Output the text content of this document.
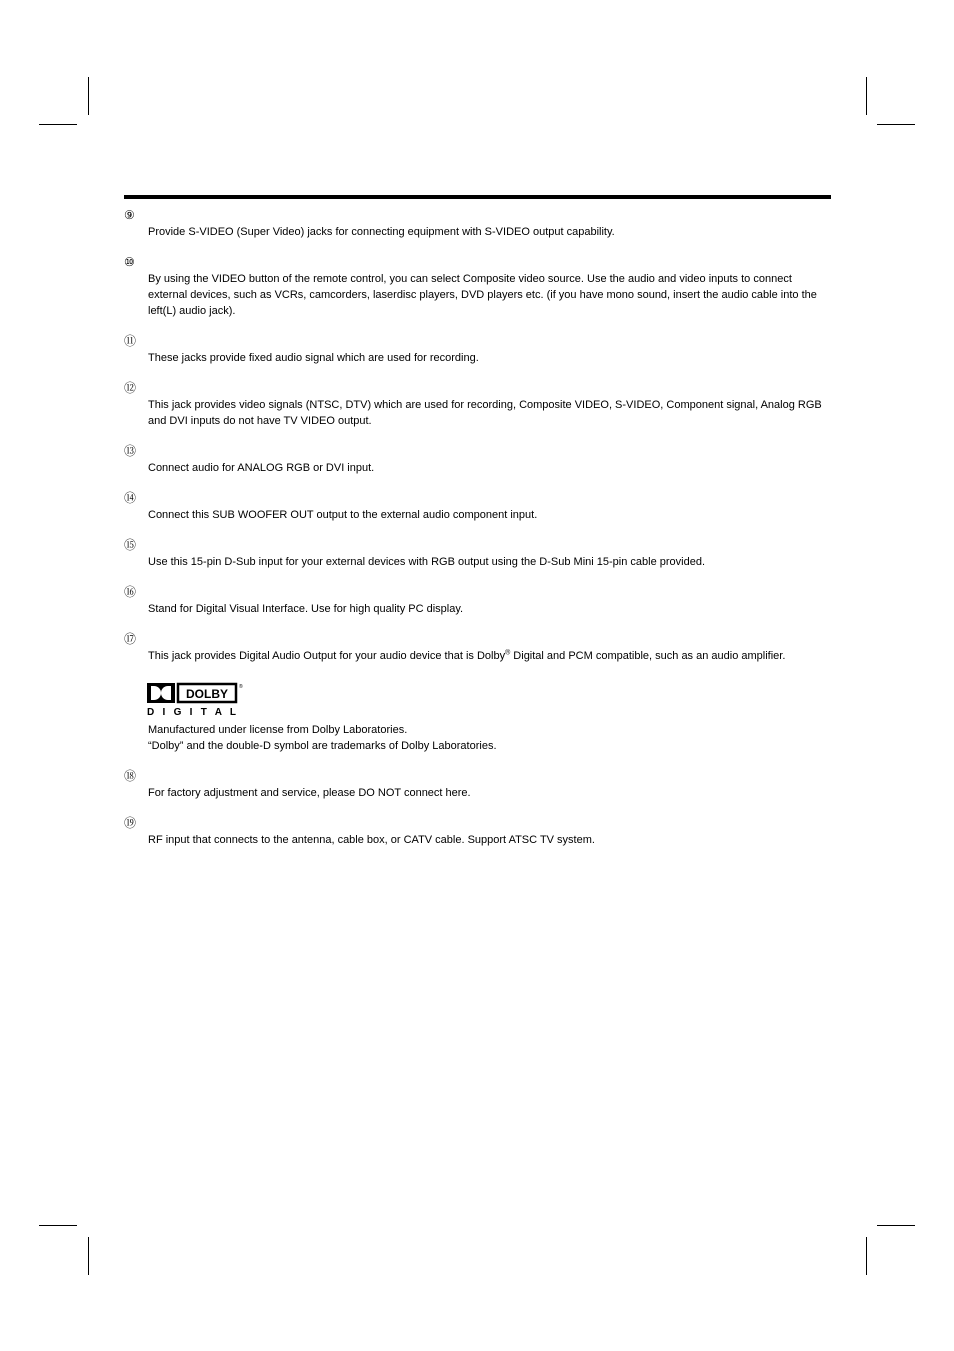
⑨

Provide S-VIDEO (Super Video) jacks for connecting equipment with S-VIDEO output capability.

⑩

By using the VIDEO button of the remote control, you can select Composite video source. Use the audio and video inputs to connect external devices, such as VCRs, camcorders, laserdisc players, DVD players etc. (if you have mono sound, insert the audio cable into the left(L) audio jack).

⑪

These jacks provide fixed audio signal which are used for recording.

⑫

This jack provides video signals (NTSC, DTV) which are used for recording, Composite VIDEO, S-VIDEO, Component signal, Analog RGB and DVI inputs do not have TV VIDEO output.

⑬

Connect audio for ANALOG RGB or DVI input.

⑭

Connect this SUB WOOFER OUT output to the external audio component input.

⑮

Use this 15-pin D-Sub input for your external devices with RGB output using the D-Sub Mini 15-pin cable provided.

⑯

Stand for Digital Visual Interface. Use for high quality PC display.

⑰

This jack provides Digital Audio Output for your audio device that is Dolby® Digital and PCM compatible, such as an audio amplifier.

DOLBY ®
D I G I T A L

Manufactured under license from Dolby Laboratories.
“Dolby” and the double-D symbol are trademarks of Dolby Laboratories.

⑱

For factory adjustment and service, please DO NOT connect here.

⑲

RF input that connects to the antenna, cable box, or CATV cable. Support ATSC TV system.
